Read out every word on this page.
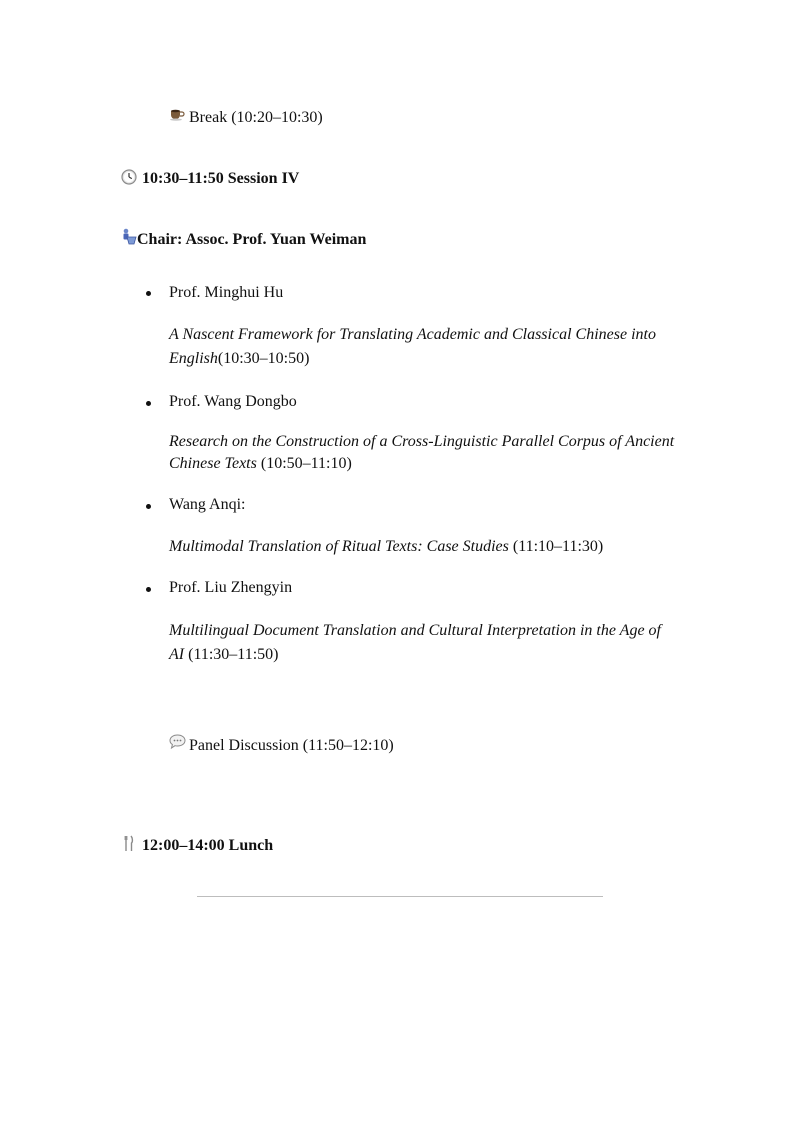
Break (10:20–10:30)
10:30–11:50 Session IV
Chair: Assoc. Prof. Yuan Weiman
Prof. Minghui Hu
A Nascent Framework for Translating Academic and Classical Chinese into English(10:30–10:50)
Prof. Wang Dongbo
Research on the Construction of a Cross-Linguistic Parallel Corpus of Ancient Chinese Texts (10:50–11:10)
Wang Anqi:
Multimodal Translation of Ritual Texts: Case Studies (11:10–11:30)
Prof. Liu Zhengyin
Multilingual Document Translation and Cultural Interpretation in the Age of AI (11:30–11:50)
Panel Discussion (11:50–12:10)
12:00–14:00 Lunch
